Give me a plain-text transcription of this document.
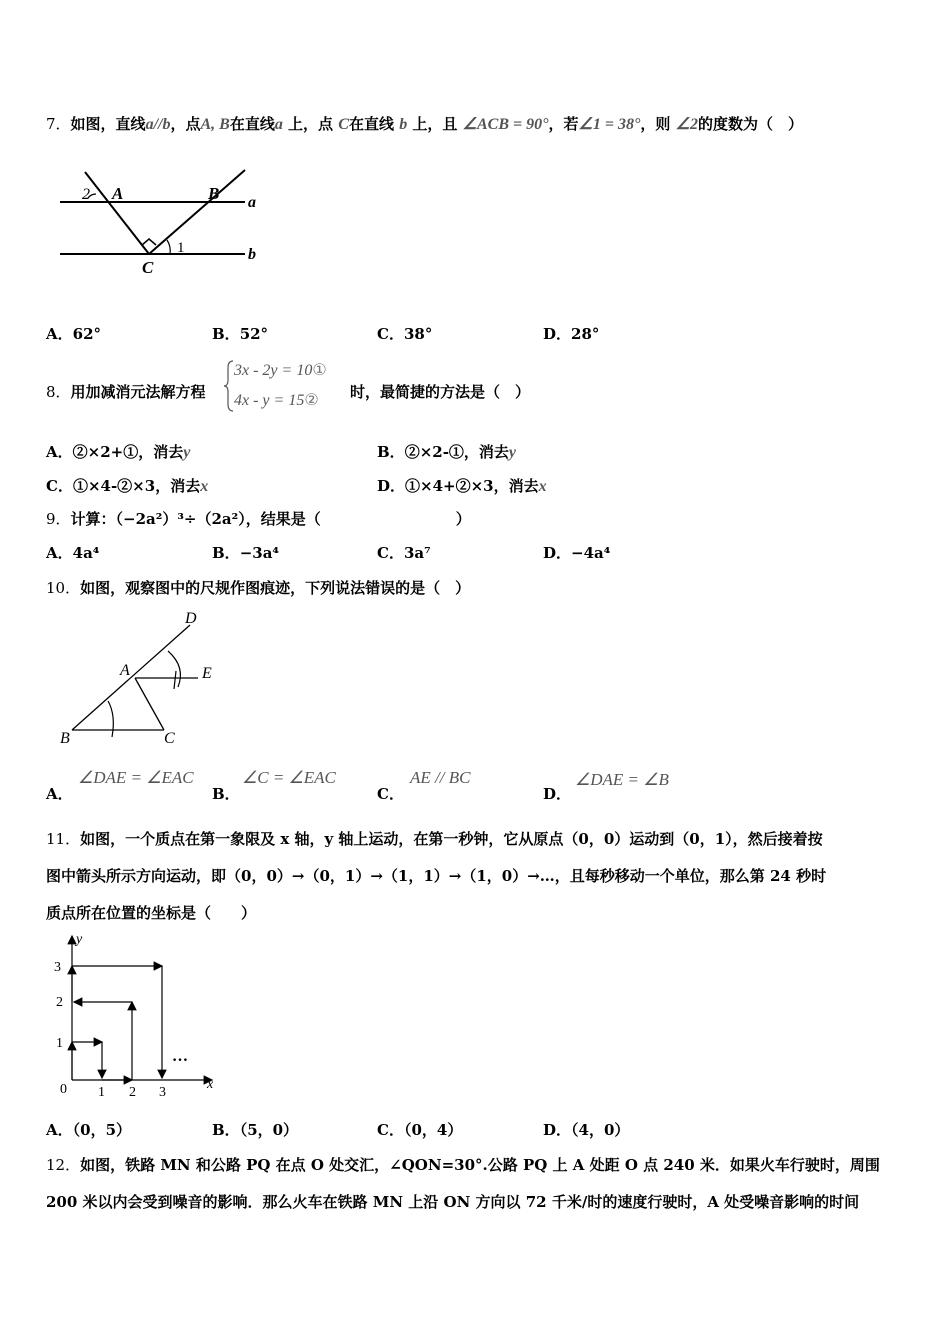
7．如图，直线a//b，点A, B在直线a 上，点 C在直线 b 上，且 ∠ACB = 90°，若∠1 = 38°，则 ∠2的度数为（　）
2 A	B a
1	b
C
A．62°	B．52°	C．38°	D．28°
8．用加减消元法解方程
3x - 2y = 10①
4x - y = 15② 时，最简捷的方法是（　）
A．②×2+①，消去y	B．②×2-①，消去y
C．①×4-②×3，消去x	D．①×4+②×3，消去x
9．计算：（−2a²）³÷（2a²），结果是（　　　　　　　　　）
A．4a⁴	B．−3a⁴	C．3a⁷	D．−4a⁴
10．如图，观察图中的尺规作图痕迹，下列说法错误的是（　）
D
A	E
B	C
A．
∠DAE = ∠EAC
B．
∠C = ∠EAC
C．
AE // BC
D．
∠DAE = ∠B
11．如图，一个质点在第一象限及 x 轴，y 轴上运动，在第一秒钟，它从原点（0，0）运动到（0，1），然后接着按
图中箭头所示方向运动，即（0，0）→（0，1）→（1，1）→（1，0）→…，且每秒移动一个单位，那么第 24 秒时
质点所在位置的坐标是（　　）
y
x
0 1 2 3
1
2
3
…
A．（0，5）	B．（5，0）	C．（0，4）	D．（4，0）
12．如图，铁路 MN 和公路 PQ 在点 O 处交汇，∠QON=30°.公路 PQ 上 A 处距 O 点 240 米．如果火车行驶时，周围
200 米以内会受到噪音的影响．那么火车在铁路 MN 上沿 ON 方向以 72 千米/时的速度行驶时，A 处受噪音影响的时间
